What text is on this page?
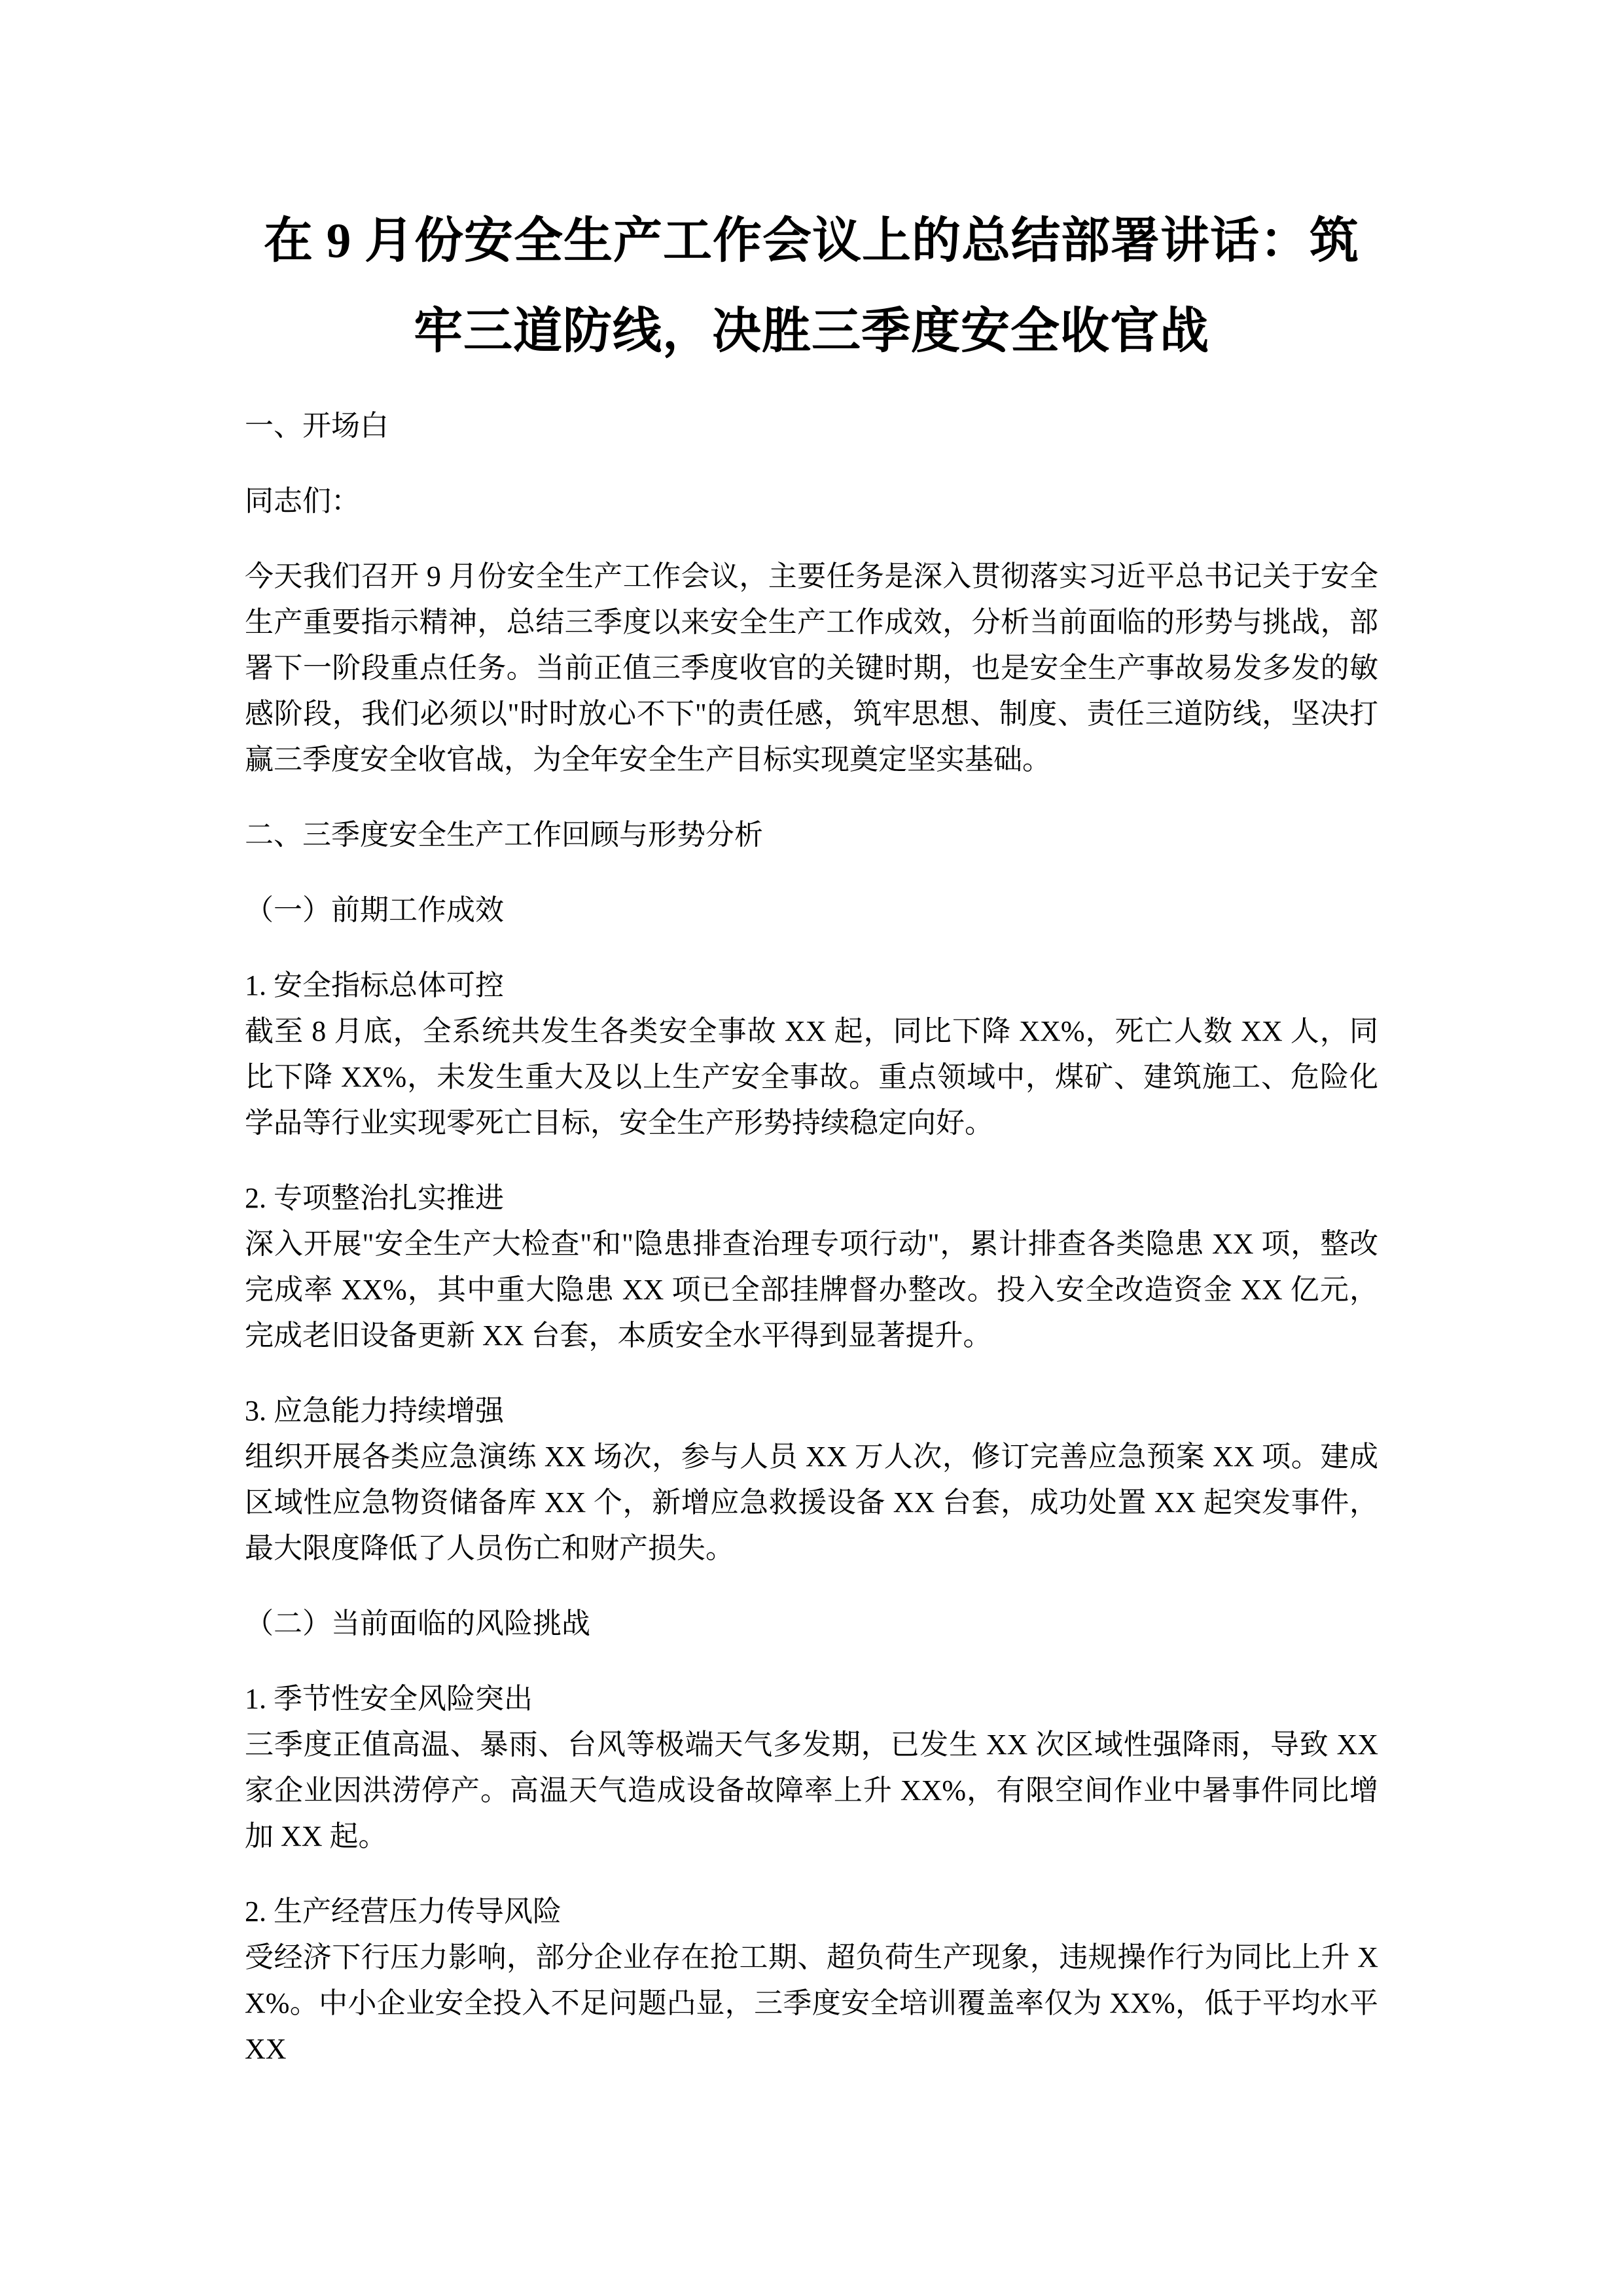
在 9 月份安全生产工作会议上的总结部署讲话：筑牢三道防线，决胜三季度安全收官战
一、开场白
同志们：
今天我们召开 9 月份安全生产工作会议，主要任务是深入贯彻落实习近平总书记关于安全生产重要指示精神，总结三季度以来安全生产工作成效，分析当前面临的形势与挑战，部署下一阶段重点任务。当前正值三季度收官的关键时期，也是安全生产事故易发多发的敏感阶段，我们必须以"时时放心不下"的责任感，筑牢思想、制度、责任三道防线，坚决打赢三季度安全收官战，为全年安全生产目标实现奠定坚实基础。
二、三季度安全生产工作回顾与形势分析
（一）前期工作成效
1. 安全指标总体可控
截至 8 月底，全系统共发生各类安全事故 XX 起，同比下降 XX%，死亡人数 XX 人，同比下降 XX%，未发生重大及以上生产安全事故。重点领域中，煤矿、建筑施工、危险化学品等行业实现零死亡目标，安全生产形势持续稳定向好。
2. 专项整治扎实推进
深入开展"安全生产大检查"和"隐患排查治理专项行动"，累计排查各类隐患 XX 项，整改完成率 XX%，其中重大隐患 XX 项已全部挂牌督办整改。投入安全改造资金 XX 亿元，完成老旧设备更新 XX 台套，本质安全水平得到显著提升。
3. 应急能力持续增强
组织开展各类应急演练 XX 场次，参与人员 XX 万人次，修订完善应急预案 XX 项。建成区域性应急物资储备库 XX 个，新增应急救援设备 XX 台套，成功处置 XX 起突发事件，最大限度降低了人员伤亡和财产损失。
（二）当前面临的风险挑战
1. 季节性安全风险突出
三季度正值高温、暴雨、台风等极端天气多发期，已发生 XX 次区域性强降雨，导致 XX 家企业因洪涝停产。高温天气造成设备故障率上升 XX%，有限空间作业中暑事件同比增加 XX 起。
2. 生产经营压力传导风险
受经济下行压力影响，部分企业存在抢工期、超负荷生产现象，违规操作行为同比上升 XX%。中小企业安全投入不足问题凸显，三季度安全培训覆盖率仅为 XX%，低于平均水平 XX
